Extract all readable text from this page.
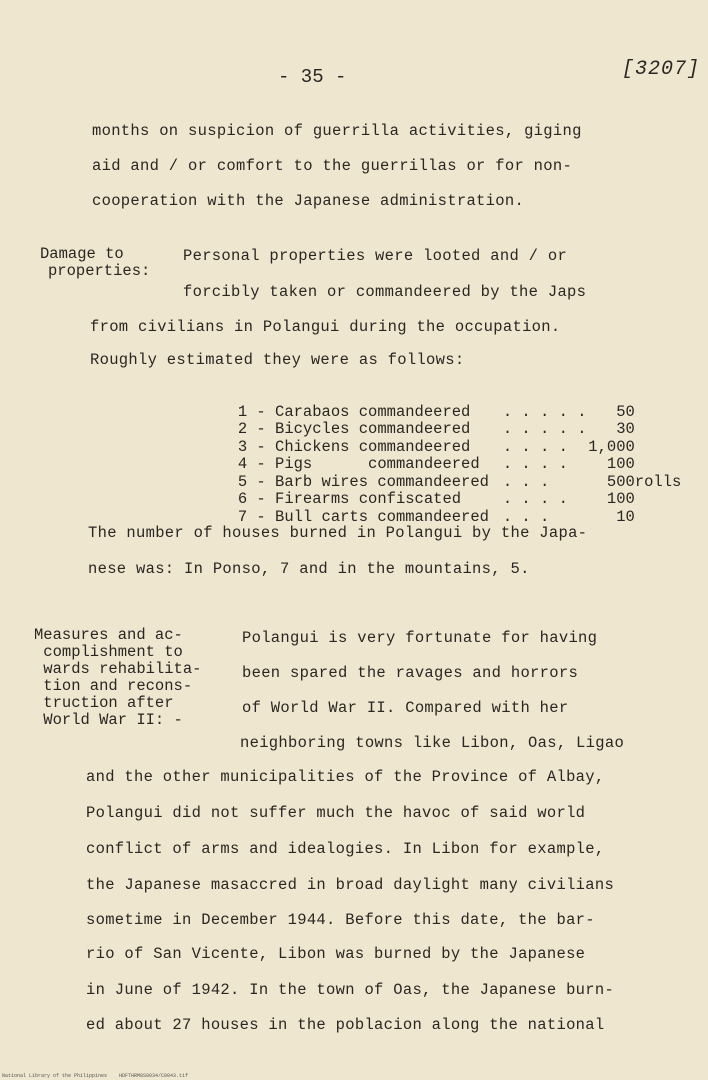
- 35 -	[3207]
months on suspicion of guerrilla activities, giging
aid and / or comfort to the guerrillas or for non-
cooperation with the Japanese administration.
Damage to
properties:
Personal properties were looted and / or
forcibly taken or commandeered by the Japs
from civilians in Polangui during the occupation.
Roughly estimated they were as follows:

1 - Carabaos commandeered . . . . . 50

2 - Bicycles commandeered . . . . . 30

3 - Chickens commandeered . . . . 1,000

4 - Pigs      commandeered . . . .	100

5 - Barb wires commandeered . . .	500rolls

6 - Firearms confiscated	. . . .	100

7 - Bull carts commandeered . . .	10

The number of houses burned in Polangui by the Japa-
nese was: In Ponso, 7 and in the mountains, 5.
Measures and ac-
complishment to
wards rehabilita-
tion and recons-
truction after
World War II: -
Polangui is very fortunate for having
been spared the ravages and horrors
of World War II. Compared with her
neighboring towns like Libon, Oas, Ligao
and the other municipalities of the Province of Albay,
Polangui did not suffer much the havoc of said world
conflict of arms and idealogies. In Libon for example,
the Japanese masaccred in broad daylight many civilians
sometime in December 1944. Before this date, the bar-
rio of San Vicente, Libon was burned by the Japanese
in June of 1942. In the town of Oas, the Japanese burn-
ed about 27 houses in the poblacion along the national
National Library of the Philippines    HDFTHRM8S0034/C0043.tif
